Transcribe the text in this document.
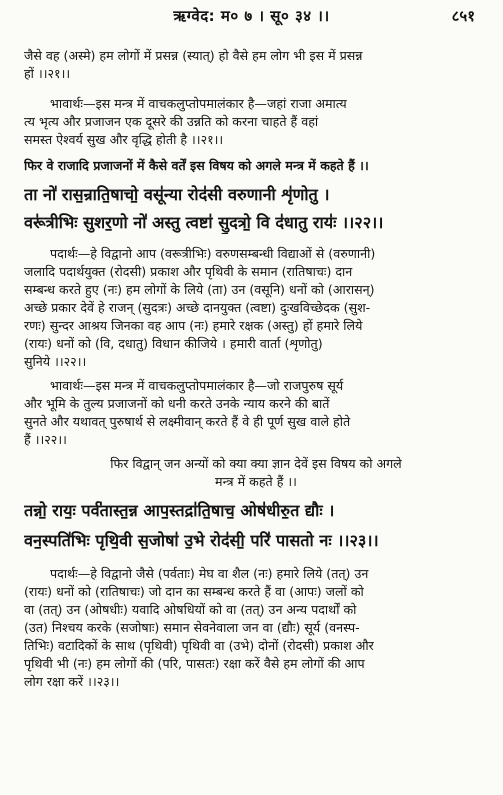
ऋग्वेद: म० ७ । सू० ३४ ।।	८५१
जैसे वह (अस्मे) हम लोगों में प्रसन्न (स्यात्) हो वैसे हम लोग भी इस में प्रसन्न
हों ।।२१।।
भावार्थः—इस मन्त्र में वाचकलुप्तोपमालंकार है—जहां राजा अमात्य
त्य भृत्य और प्रजाजन एक दूसरे की उन्नति को करना चाहते हैं वहां
समस्त ऐश्वर्य सुख और वृद्धि होती है ।।२१।।
फिर वे राजादि प्रजाजनों में कैसे वर्तें इस विषय को अगले मन्त्र में कहते हैं ।।
ता नो॑ रास॒न्राति॒षाचो॒ वसू॑न्या रोद॑सी वरुणानी शृ॑णोतु ।
वरू॑त्रीभिः सुशर॒णो नो॑ अस्तु त्वष्टा॑ सु॒दत्रो॒ वि द॑धातु रायः॑ ।।२२।।
पदार्थः—हे विद्वानो आप (वरूत्रीभिः) वरुणसम्बन्धी विद्याओं से (वरुणानी)
जलादि पदार्थयुक्त (रोदसी) प्रकाश और पृथिवी के समान (रातिषाचः) दान
सम्बन्ध करते हुए (नः) हम लोगों के लिये (ता) उन (वसूनि) धनों को (आरासन्)
अच्छे प्रकार देवें हे राजन् (सुदत्रः) अच्छे दानयुक्त (त्वष्टा) दुःखविच्छेदक (सुश-
रणः) सुन्दर आश्रय जिनका वह आप (नः) हमारे रक्षक (अस्तु) हों हमारे लिये
(रायः) धनों को (वि, दधातु) विधान कीजिये । हमारी वार्ता (शृणोतु)
सुनिये ।।२२।।
भावार्थः—इस मन्त्र में वाचकलुप्तोपमालंकार है—जो राजपुरुष सूर्य
और भूमि के तुल्य प्रजाजनों को धनी करते उनके न्याय करने की बातें
सुनते और यथावत् पुरुषार्थ से लक्ष्मीवान् करते हैं वे ही पूर्ण सुख वाले होते
हैं ।।२२।।
फिर विद्वान् जन अन्यों को क्या क्या ज्ञान देवें इस विषय को अगले
मन्त्र में कहते हैं ।।
तन्नो॒ रायः॒ पर्व॑तास्त॒न्न आप॒स्तद्रा॑ति॒षाच॒ ओष॑धीरु॒त द्यौः ।
वन॒स्पति॑भिः पृथि॒वी स॒जोषा॑ उ॒भे रोद॑सी॒ परि॑ पासतो नः ।।२३।।
पदार्थः—हे विद्वानो जैसे (पर्वताः) मेघ वा शैल (नः) हमारे लिये (तत्) उन
(रायः) धनों को (रातिषाचः) जो दान का सम्बन्ध करते हैं वा (आपः) जलों को
वा (तत्) उन (ओषधीः) यवादि ओषधियों को वा (तत्) उन अन्य पदार्थों को
(उत) निश्चय करके (सजोषाः) समान सेवनेवाला जन वा (द्यौः) सूर्य (वनस्प-
तिभिः) वटादिकों के साथ (पृथिवी) पृथिवी वा (उभे) दोनों (रोदसी) प्रकाश और
पृथिवी भी (नः) हम लोगों की (परि, पासतः) रक्षा करें वैसे हम लोगों की आप
लोग रक्षा करें ।।२३।।
